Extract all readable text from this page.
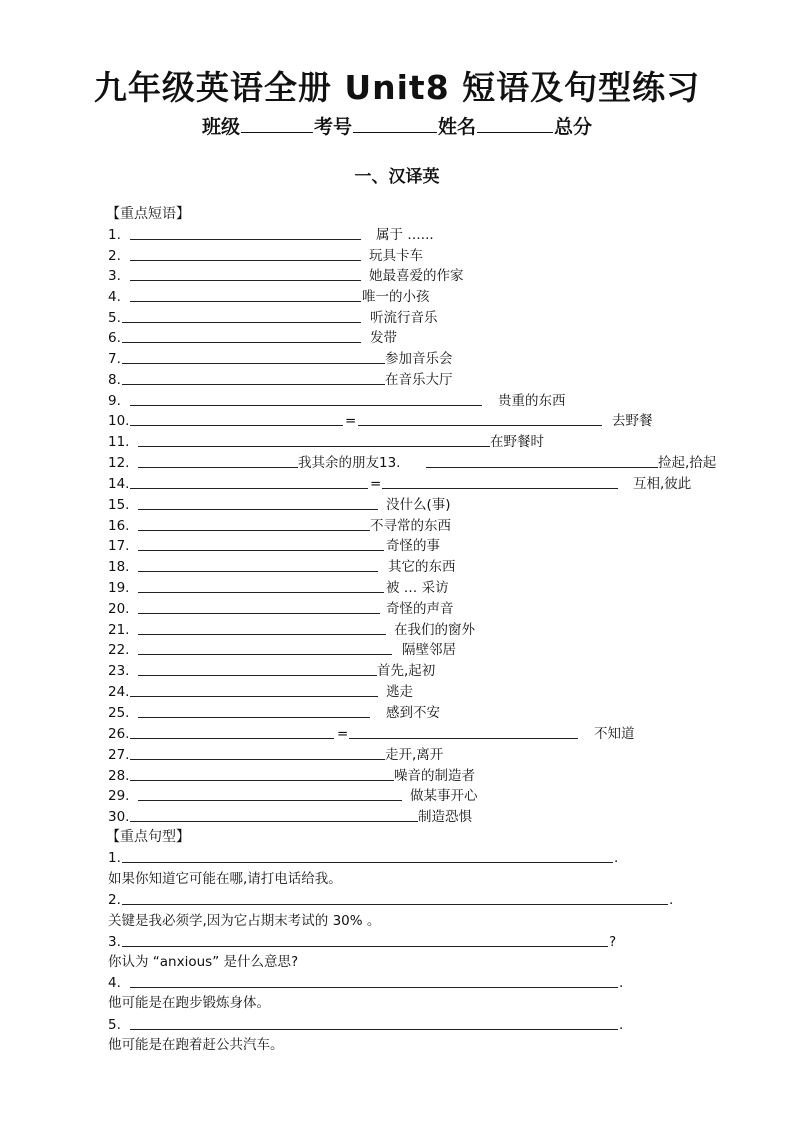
九年级英语全册 Unit8 短语及句型练习
班级	考号	姓名	总分
一、汉译英
【重点短语】
1.	属于 …...
2.	玩具卡车
3.	她最喜爱的作家
4.	唯一的小孩
5.	听流行音乐
6.	发带
7.	参加音乐会
8.	在音乐大厅
9.	贵重的东西
10.	=	去野餐
11.	在野餐时
12.	我其余的朋友13.	捡起,拾起
14.	=	互相,彼此
15.	没什么(事)
16.	不寻常的东西
17.	奇怪的事
18.	其它的东西
19.	被 … 采访
20.	奇怪的声音
21.	在我们的窗外
22.	隔壁邻居
23.	首先,起初
24.	逃走
25.	感到不安
26.	=	不知道
27.	走开,离开
28.	噪音的制造者
29.	做某事开心
30.	制造恐惧
【重点句型】
1.	.
如果你知道它可能在哪,请打电话给我。
2.	.
关键是我必须学,因为它占期末考试的 30% 。
3.	?
你认为 “anxious” 是什么意思?
4.	.
他可能是在跑步锻炼身体。
5.	.
他可能是在跑着赶公共汽车。
